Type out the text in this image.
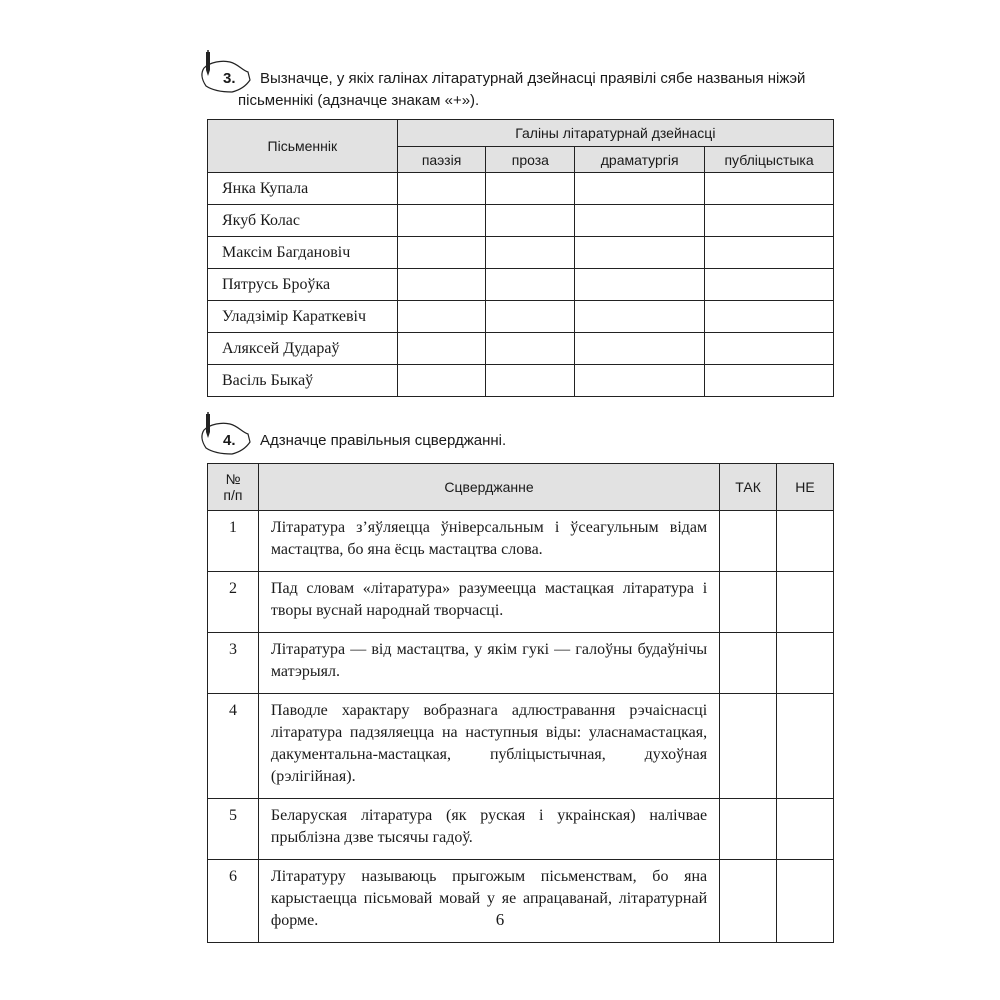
3. Вызначце, у якіх галінах літаратурнай дзейнасці праявілі сябе названыя ніжэй
пісьменнікі (адзначце знакам «+»).
Пісьменнік	Галіны літаратурнай дзейнасці			
	паэзія	проза	драматургія	публіцыстыка
Янка Купала				
Якуб Колас				
Максім Багдановіч				
Пятрусь Броўка				
Уладзімір Караткевіч				
Аляксей Дудараў				
Васіль Быкаў				
4. Адзначце правільныя сцверджанні.
№
п/п	Сцверджанне	ТАК	НЕ
1	Літаратура з’яўляецца ўніверсальным і ўсеагульным відам мастацтва, бо яна ёсць мастацтва слова.		
2	Пад словам «літаратура» разумеецца мастацкая літаратура і творы вуснай народнай творчасці.		
3	Літаратура — від мастацтва, у якім гукі — галоўны будаўнічы матэрыял.		
4	Паводле характару вобразнага адлюстравання рэчаіснасці літаратура падзяляецца на наступныя віды: уласнамастацкая, дакументальна-мастацкая, публіцыстычная, духоўная (рэлігійная).		
5	Беларуская літаратура (як руская і украінская) налічвае прыблізна дзве тысячы гадоў.		
6	Літаратуру называюць прыгожым пісьменствам, бо яна карыстаецца пісьмовай мовай у яе апрацаванай, літаратурнай форме.			6
